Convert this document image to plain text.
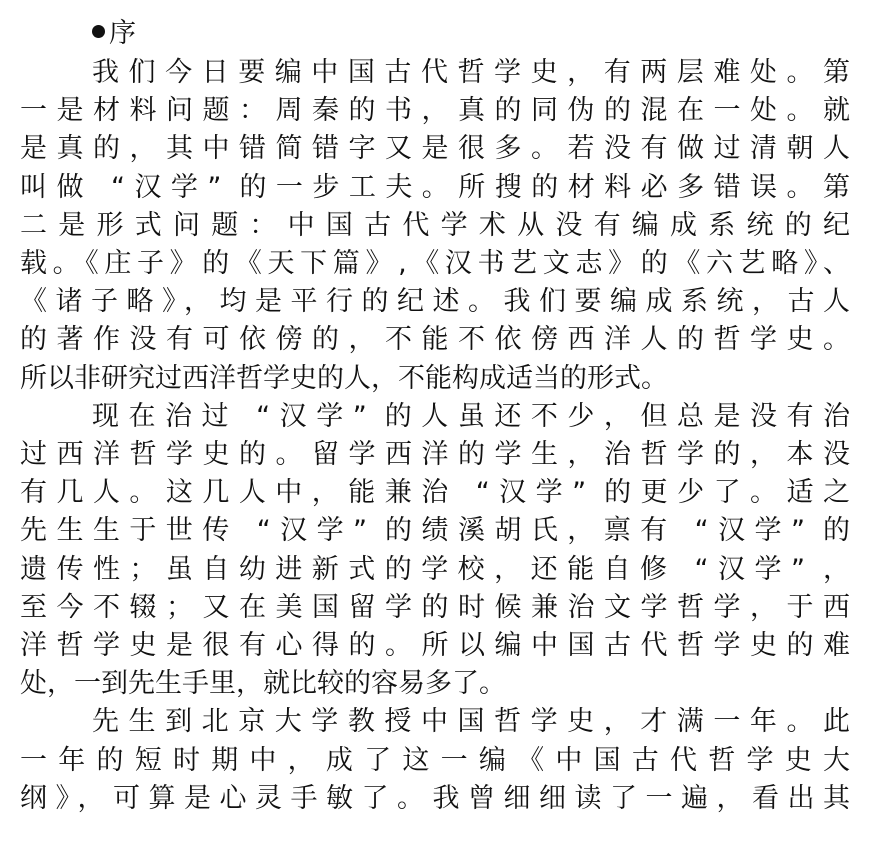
序
我们今日要编中国古代哲学史，有两层难处。第
一是材料问题：周秦的书，真的同伪的混在一处。就
是真的，其中错简错字又是很多。若没有做过清朝人
叫做 “汉学” 的一步工夫。所搜的材料必多错误。第
二是形式问题：中国古代学术从没有编成系统的纪
载。《庄子》的《天下篇》,《汉书艺文志》的《六艺略》、
《诸子略》，均是平行的纪述。我们要编成系统，古人
的著作没有可依傍的，不能不依傍西洋人的哲学史。
所以非研究过西洋哲学史的人，不能构成适当的形式。
现在治过 “汉学” 的人虽还不少，但总是没有治
过西洋哲学史的。留学西洋的学生，治哲学的，本没
有几人。这几人中，能兼治 “汉学” 的更少了。适之
先生生于世传 “汉学” 的绩溪胡氏，禀有 “汉学” 的
遗传性；虽自幼进新式的学校，还能自修 “汉学” ，
至今不辍；又在美国留学的时候兼治文学哲学，于西
洋哲学史是很有心得的。所以编中国古代哲学史的难
处，一到先生手里，就比较的容易多了。
先生到北京大学教授中国哲学史，才满一年。此
一年的短时期中，成了这一编《中国古代哲学史大
纲》，可算是心灵手敏了。我曾细细读了一遍，看出其
